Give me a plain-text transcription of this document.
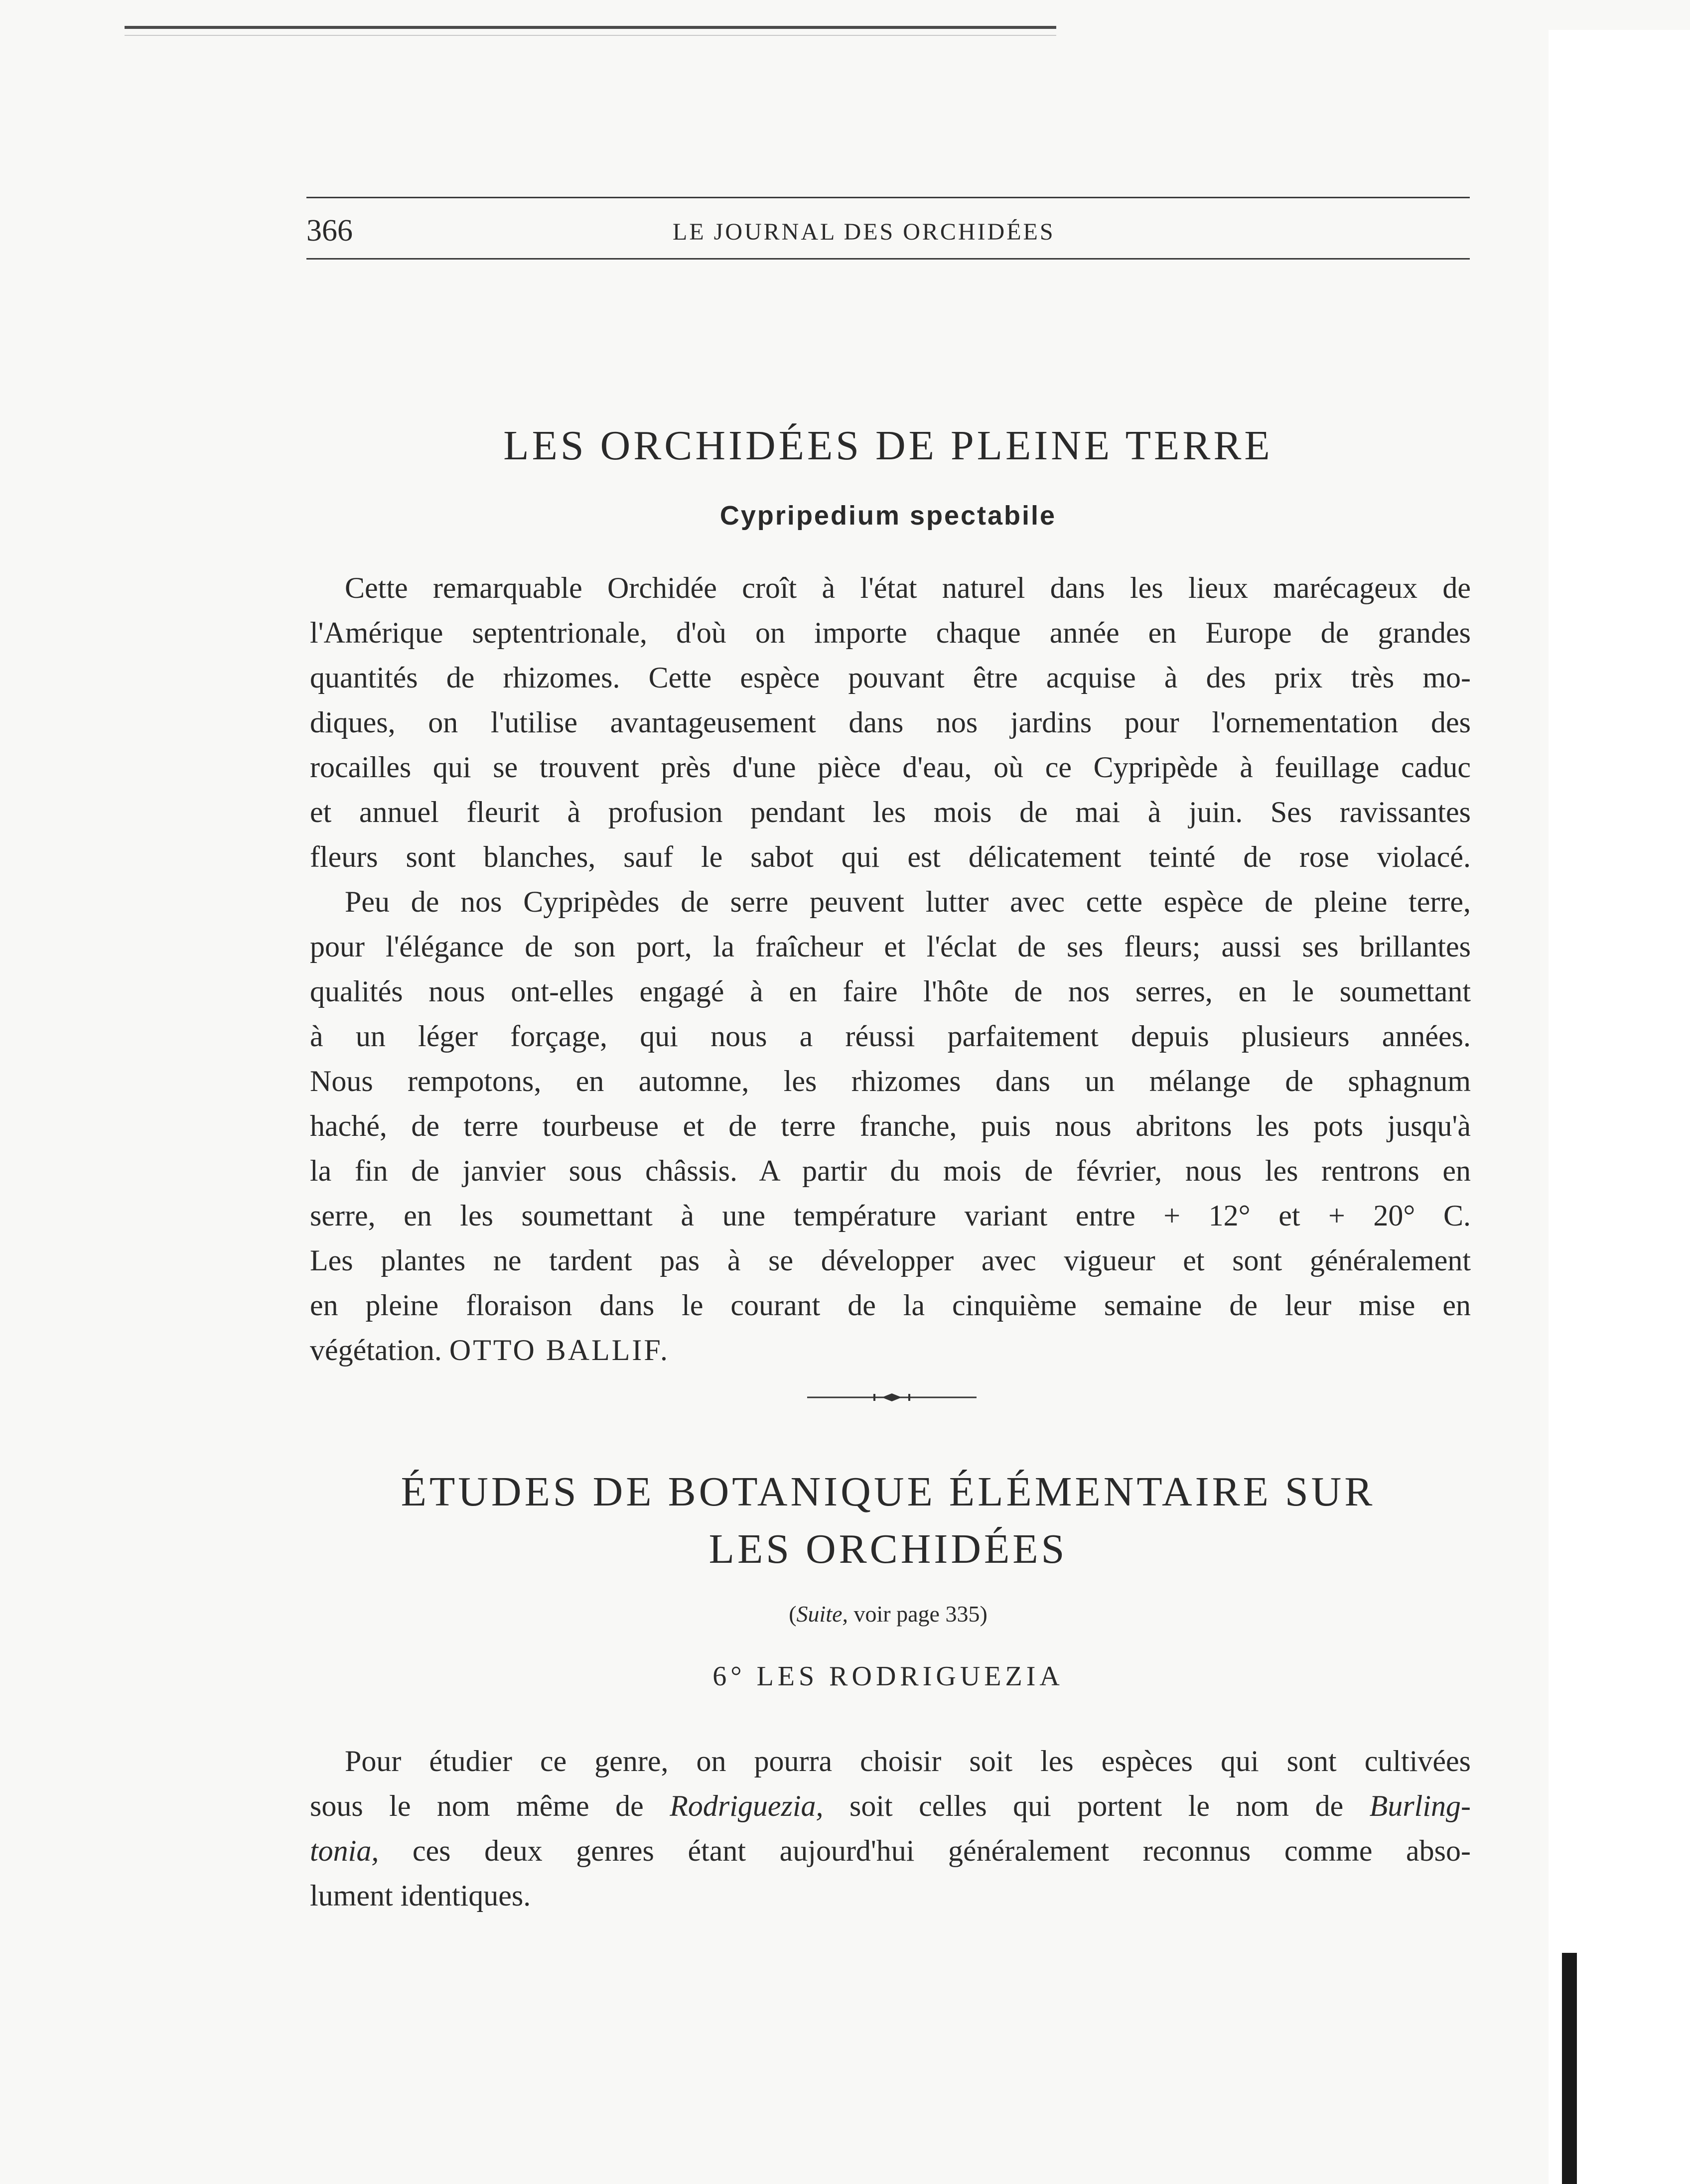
366	LE JOURNAL DES ORCHIDÉES
LES ORCHIDÉES DE PLEINE TERRE
Cypripedium spectabile
Cette remarquable Orchidée croît à l'état naturel dans les lieux marécageux de
l'Amérique septentrionale, d'où on importe chaque année en Europe de grandes
quantités de rhizomes. Cette espèce pouvant être acquise à des prix très mo-
diques, on l'utilise avantageusement dans nos jardins pour l'ornementation des
rocailles qui se trouvent près d'une pièce d'eau, où ce Cypripède à feuillage caduc
et annuel fleurit à profusion pendant les mois de mai à juin. Ses ravissantes
fleurs sont blanches, sauf le sabot qui est délicatement teinté de rose violacé.
Peu de nos Cypripèdes de serre peuvent lutter avec cette espèce de pleine terre,
pour l'élégance de son port, la fraîcheur et l'éclat de ses fleurs; aussi ses brillantes
qualités nous ont-elles engagé à en faire l'hôte de nos serres, en le soumettant
à un léger forçage, qui nous a réussi parfaitement depuis plusieurs années.
Nous rempotons, en automne, les rhizomes dans un mélange de sphagnum
haché, de terre tourbeuse et de terre franche, puis nous abritons les pots jusqu'à
la fin de janvier sous châssis. A partir du mois de février, nous les rentrons en
serre, en les soumettant à une température variant entre + 12° et + 20° C.
Les plantes ne tardent pas à se développer avec vigueur et sont généralement
en pleine floraison dans le courant de la cinquième semaine de leur mise en
végétation. OTTO BALLIF.
ÉTUDES DE BOTANIQUE ÉLÉMENTAIRE SUR
LES ORCHIDÉES
(Suite, voir page 335)
6° LES RODRIGUEZIA
Pour étudier ce genre, on pourra choisir soit les espèces qui sont cultivées
sous le nom même de Rodriguezia, soit celles qui portent le nom de Burling-
tonia, ces deux genres étant aujourd'hui généralement reconnus comme abso-
lument identiques.
